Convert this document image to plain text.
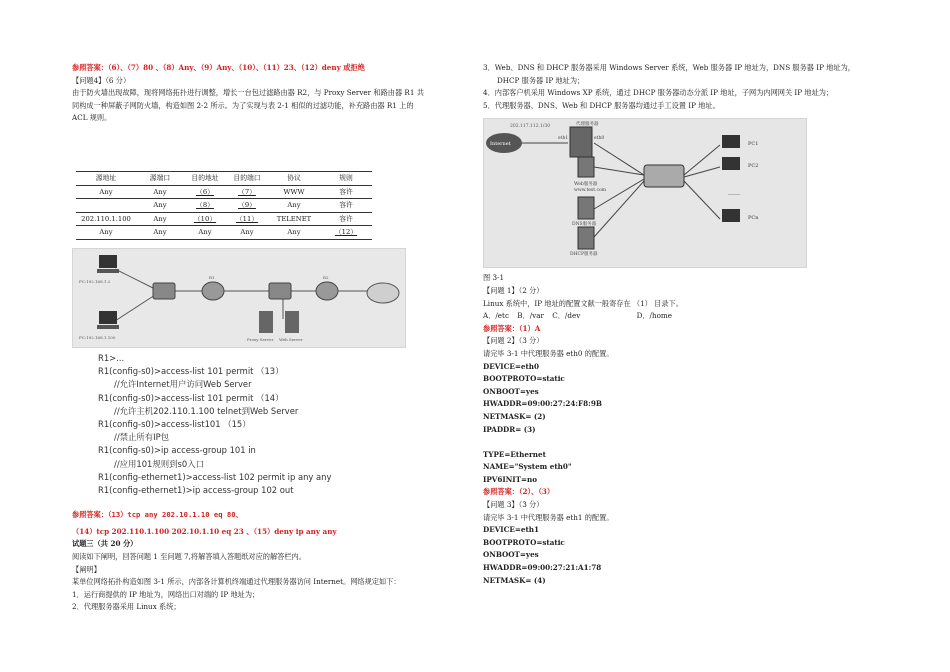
参照答案：（6）、（7）80 、（8）Any、（9）Any、（10）、（11）23、（12）deny 或拒绝
【问题4】（6 分）
由于防火墙出现故障，现将网络拓扑进行调整，增长一台包过滤路由器 R2，与 Proxy Server 和路由器 R1 共
同构成一种屏蔽子网防火墙，构造如图 2-2 所示。为了实现与表 2-1 相似的过滤功能，补充路由器 R1 上的
ACL 规则。
源地址	源端口	目的地址	目的端口	协议	规则
Any	Any	（6）	（7）	WWW	容许
	Any	（8）	（9）	Any	容许
202.110.1.100	Any	（10）	（11）	TELENET	容许
Any	Any	Any	Any	Any	（12）
PC:192.168.1.2
PC:192.168.1.100	Proxy Server Web Server
R1	R2
R1>...
R1(config-s0)>access-list 101 permit （13）
//允许Internet用户访问Web Server
R1(config-s0)>access-list 101 permit （14）
//允许主机202.110.1.100 telnet到Web Server
R1(config-s0)>access-list101 （15）
//禁止所有IP包
R1(config-s0)>ip access-group 101 in
//应用101规则到s0入口
R1(config-ethernet1)>access-list 102 permit ip any any
R1(config-ethernet1)>ip access-group 102 out
参照答案：（13）tcp any 202.10.1.10 eq 80、
（14）tcp 202.110.1.100 202.10.1.10 eq 23 、（15）deny ip any any
试题三（共 20 分）
阅读如下阐明，回答问题 1 至问题 7,将解答填入答题纸对应的解答栏内。
【阐明】
某单位网络拓扑构造如图 3-1 所示，内部各计算机终端通过代理服务器访问 Internet。网络规定如下：
1．运行商提供的 IP 地址为，网络出口对端的 IP 地址为；
2．代理服务器采用 Linux 系统；
3．Web、DNS 和 DHCP 服务器采用 Windows Server 系统，Web 服务器 IP 地址为，DNS 服务器 IP 地址为，
DHCP 服务器 IP 地址为；
4．内部客户机采用 Windows XP 系统，通过 DHCP 服务器动态分派 IP 地址，子网为内网网关 IP 地址为；
5．代理服务器、DNS、Web 和 DHCP 服务器均通过手工设置 IP 地址。
202.117.112.1/30
Internet
代理服务器
eth1	eth0
Web服务器
www.test.com
DNS服务器
DHCP服务器
PC1
PC2
……
PCn
图 3-1
【问题 1】（2 分）
Linux 系统中，IP 地址的配置文献一般寄存在 （1） 目录下。
A．/etc B．/var C．/dev	D．/home
参照答案：（1）A
【问题 2】（3 分）
请完毕 3-1 中代理服务器 eth0 的配置。
DEVICE=eth0
BOOTPROTO=static
ONBOOT=yes
HWADDR=09:00:27:24:F8:9B
NETMASK= (2)
IPADDR= (3)
TYPE=Ethernet
NAME="System eth0"
IPV6INIT=no
参照答案：（2）、（3）
【问题 3】（3 分）
请完毕 3-1 中代理服务器 eth1 的配置。
DEVICE=eth1
BOOTPROTO=static
ONBOOT=yes
HWADDR=09:00:27:21:A1:78
NETMASK= (4)
